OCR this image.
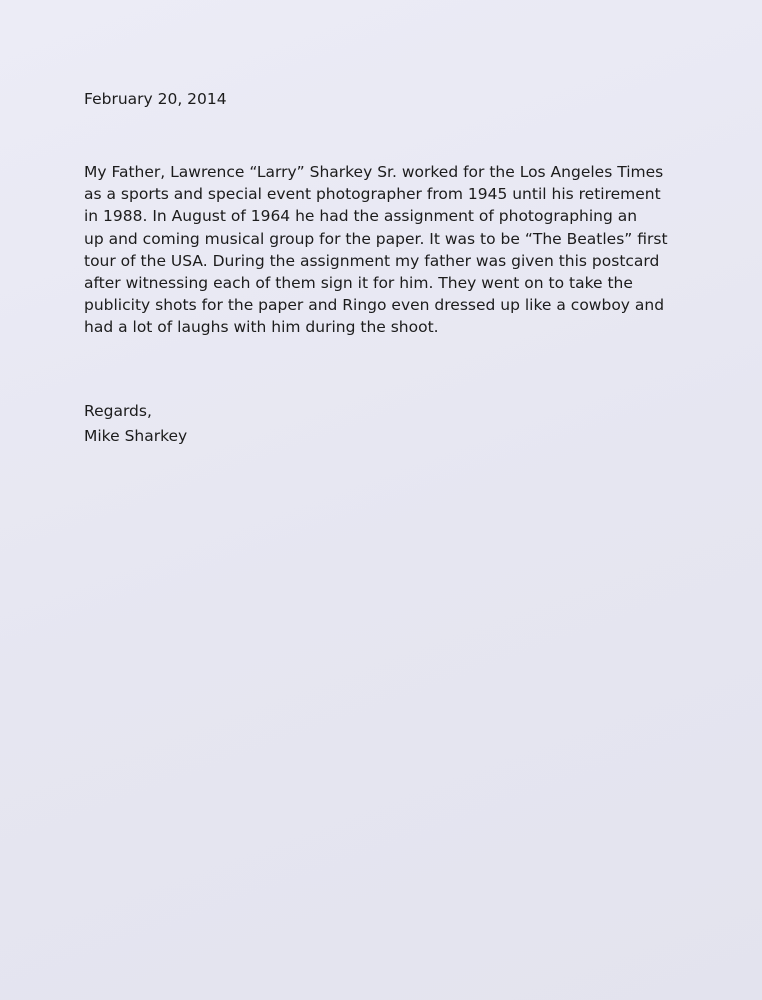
February 20, 2014
My Father, Lawrence “Larry” Sharkey Sr. worked for the Los Angeles Times
as a sports and special event photographer from 1945 until his retirement
in 1988. In August of 1964 he had the assignment of photographing an
up and coming musical group for the paper. It was to be “The Beatles” first
tour of the USA. During the assignment my father was given this postcard
after witnessing each of them sign it for him. They went on to take the
publicity shots for the paper and Ringo even dressed up like a cowboy and
had a lot of laughs with him during the shoot.
Regards,
Mike Sharkey
